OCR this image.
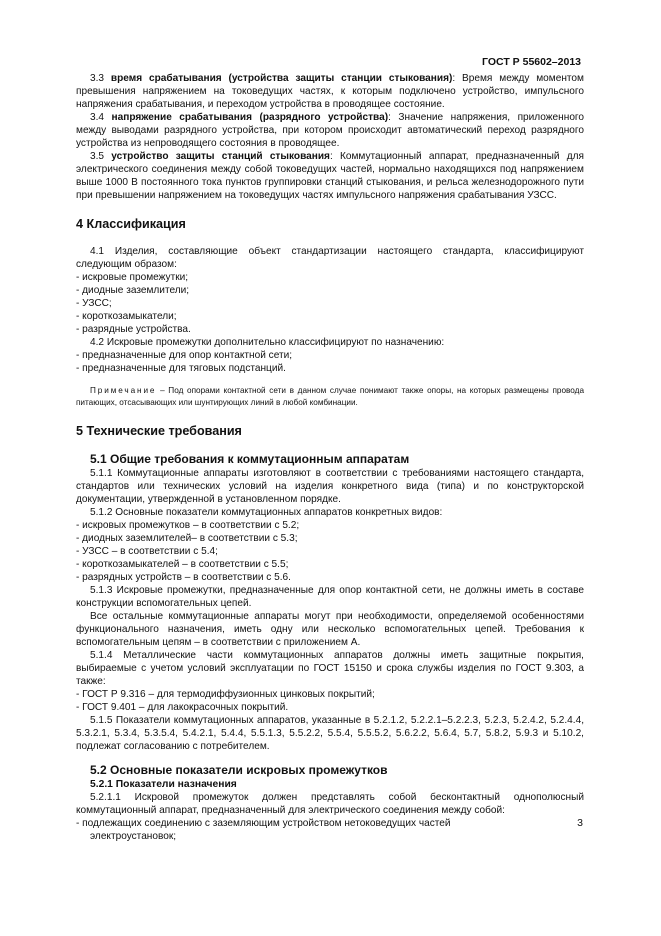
ГОСТ Р 55602–2013

3.3 время срабатывания (устройства защиты станции стыкования): Время между моментом превышения напряжением на токоведущих частях, к которым подключено устройство, импульсного напряжения срабатывания, и переходом устройства в проводящее состояние.

3.4 напряжение срабатывания (разрядного устройства): Значение напряжения, приложенного между выводами разрядного устройства, при котором происходит автоматический переход разрядного устройства из непроводящего состояния в проводящее.

3.5 устройство защиты станций стыкования: Коммутационный аппарат, предназначенный для электрического соединения между собой токоведущих частей, нормально находящихся под напряжением выше 1000 В постоянного тока пунктов группировки станций стыкования, и рельса железнодорожного пути при превышении напряжением на токоведущих частях импульсного напряжения срабатывания УЗСС.

4 Классификация

4.1 Изделия, составляющие объект стандартизации настоящего стандарта, классифицируют следующим образом:

- искровые промежутки;

- диодные заземлители;

- УЗСС;

- короткозамыкатели;

- разрядные устройства.

4.2 Искровые промежутки дополнительно классифицируют по назначению:

- предназначенные для опор контактной сети;

- предназначенные для тяговых подстанций.

Примечание – Под опорами контактной сети в данном случае понимают также опоры, на которых размещены провода питающих, отсасывающих или шунтирующих линий в любой комбинации.

5 Технические требования

5.1 Общие требования к коммутационным аппаратам

5.1.1 Коммутационные аппараты изготовляют в соответствии с требованиями настоящего стандарта, стандартов или технических условий на изделия конкретного вида (типа) и по конструкторской документации, утвержденной в установленном порядке.

5.1.2 Основные показатели коммутационных аппаратов конкретных видов:

- искровых промежутков – в соответствии с 5.2;

- диодных заземлителей– в соответствии с 5.3;

- УЗСС – в соответствии с 5.4;

- короткозамыкателей – в соответствии с 5.5;

- разрядных устройств – в соответствии с 5.6.

5.1.3 Искровые промежутки, предназначенные для опор контактной сети, не должны иметь в составе конструкции вспомогательных цепей.

Все остальные коммутационные аппараты могут при необходимости, определяемой особенностями функционального назначения, иметь одну или несколько вспомогательных цепей. Требования к вспомогательным цепям – в соответствии с приложением А.

5.1.4 Металлические части коммутационных аппаратов должны иметь защитные покрытия, выбираемые с учетом условий эксплуатации по ГОСТ 15150 и срока службы изделия по ГОСТ 9.303, а также:

- ГОСТ Р 9.316 – для термодиффузионных цинковых покрытий;

- ГОСТ 9.401 – для лакокрасочных покрытий.

5.1.5 Показатели коммутационных аппаратов, указанные в 5.2.1.2, 5.2.2.1–5.2.2.3, 5.2.3, 5.2.4.2, 5.2.4.4, 5.3.2.1, 5.3.4, 5.3.5.4, 5.4.2.1, 5.4.4, 5.5.1.3, 5.5.2.2, 5.5.4, 5.5.5.2, 5.6.2.2, 5.6.4, 5.7, 5.8.2, 5.9.3 и 5.10.2, подлежат согласованию с потребителем.

5.2 Основные показатели искровых промежутков

5.2.1 Показатели назначения

5.2.1.1 Искровой промежуток должен представлять собой бесконтактный однополюсный коммутационный аппарат, предназначенный для электрического соединения между собой:

- подлежащих соединению с заземляющим устройством нетоковедущих частей

электроустановок;

3
